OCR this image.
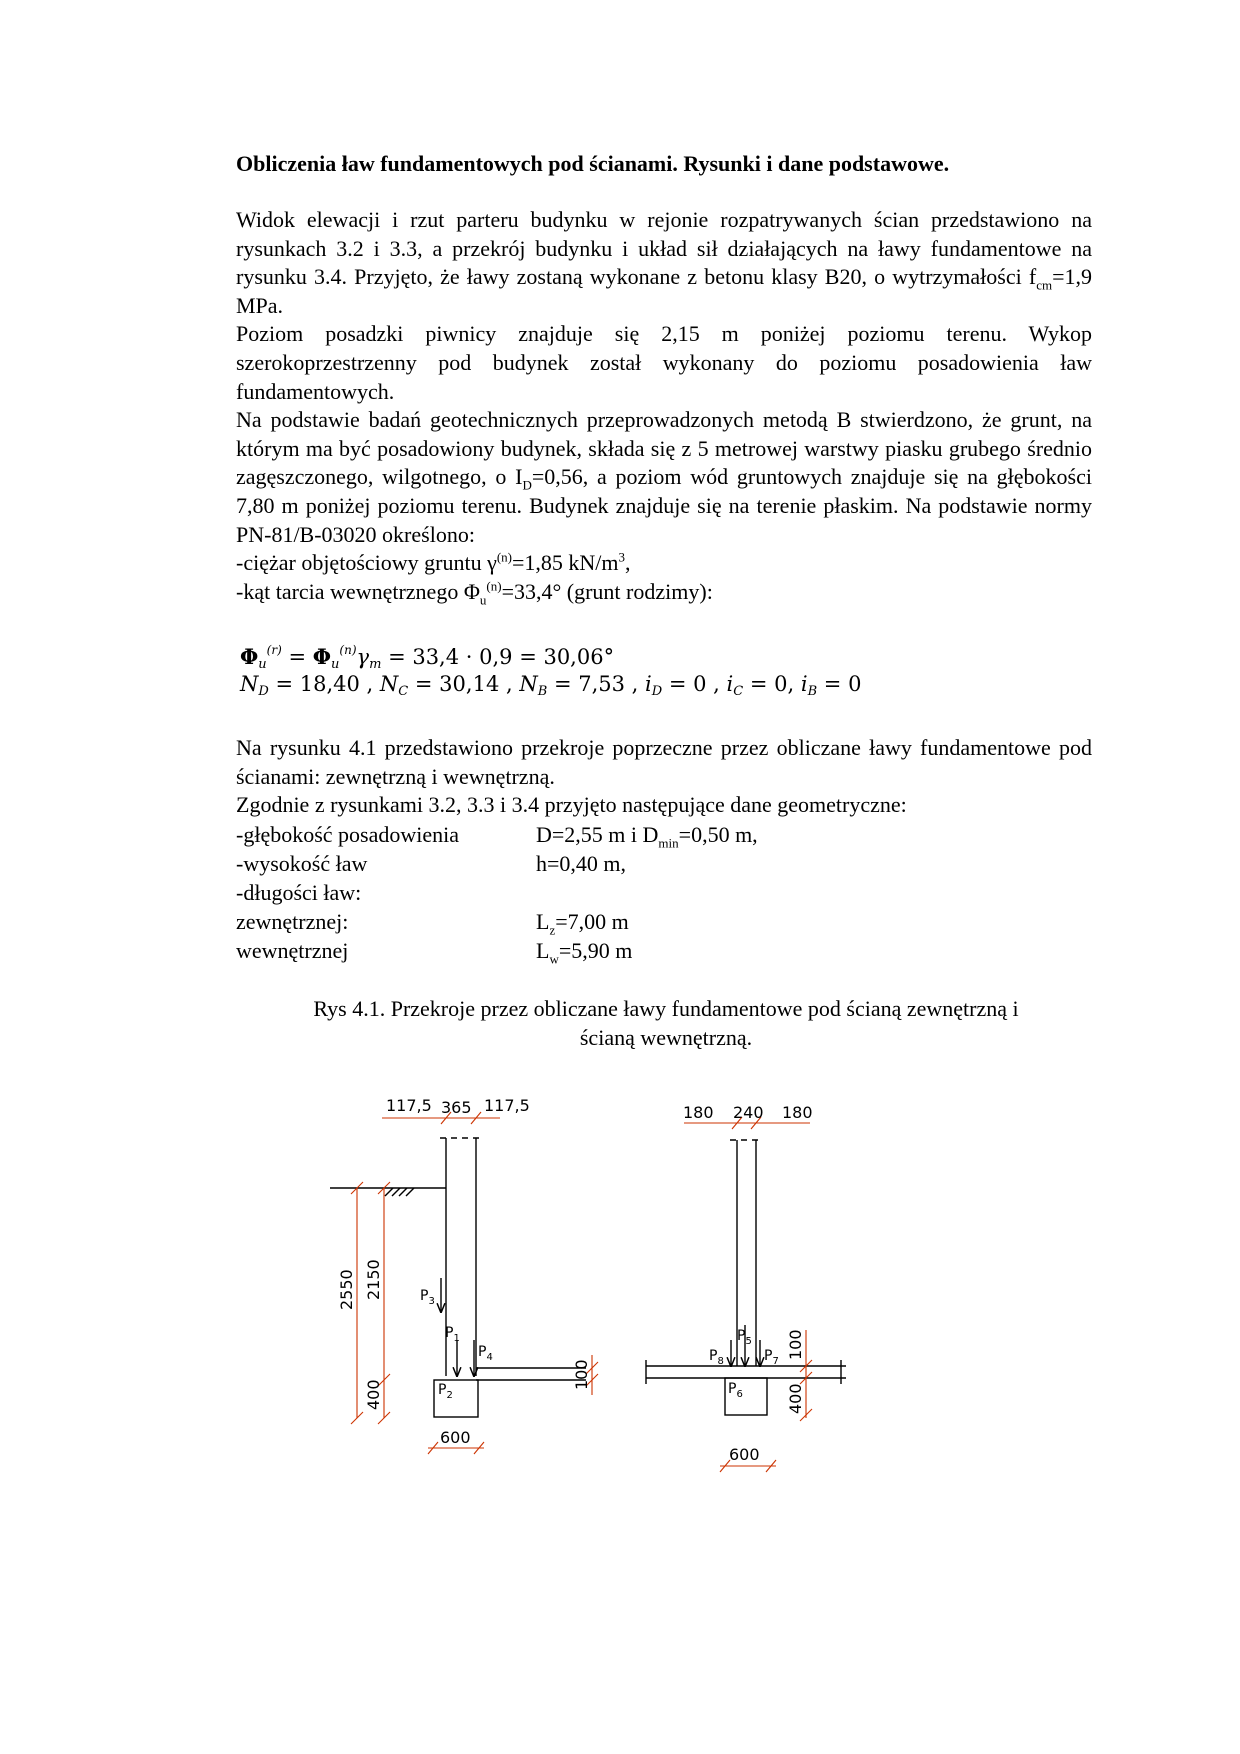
Obliczenia ław fundamentowych pod ścianami. Rysunki i dane podstawowe.

Widok elewacji i rzut parteru budynku w rejonie rozpatrywanych ścian przedstawiono na rysunkach 3.2 i 3.3, a przekrój budynku i układ sił działających na ławy fundamentowe na rysunku 3.4. Przyjęto, że ławy zostaną wykonane z betonu klasy B20, o wytrzymałości $f_{cm}=1,9$ MPa.

Poziom posadzki piwnicy znajduje się 2,15 m poniżej poziomu terenu. Wykop szerokoprzestrzenny pod budynek został wykonany do poziomu posadowienia ław fundamentowych.

Na podstawie badań geotechnicznych przeprowadzonych metodą B stwierdzono, że grunt, na którym ma być posadowiony budynek, składa się z 5 metrowej warstwy piasku grubego średnio zagęszczonego, wilgotnego, o $I_D=0,56$, a poziom wód gruntowych znajduje się na głębokości 7,80 m poniżej poziomu terenu. Budynek znajduje się na terenie płaskim. Na podstawie normy PN-81/B-03020 określono:

-ciężar objętościowy gruntu $\gamma^{(n)}=1,85$ $kN/m^3$,

-kąt tarcia wewnętrznego $\Phi_u^{(n)}=33,4^\circ$ (grunt rodzimy):

$\Phi u^{(r)} = \Phi u^{(n)}\gamma m = 33,4 \cdot 0,9 = 30,06^\circ$
ND = 18,40 , NC = 30,14 , NB = 7,53 , iD = 0 , iC = 0, iB = 0

Na rysunku 4.1 przedstawiono przekroje poprzeczne przez obliczane ławy fundamentowe pod ścianami: zewnętrzną i wewnętrzną.

Zgodnie z rysunkami 3.2, 3.3 i 3.4 przyjęto następujące dane geometryczne:

-głębokość posadowienia	D=2,55 m i $D_{min}=0,50$ m,
-wysokość ław	h=0,40 m,
-długości ław:	
zewnętrznej:	$L_z=7,00$ m
wewnętrznej	$L_w=5,90$ m
Rys 4.1. Przekroje przez obliczane ławy fundamentowe pod ścianą zewnętrzną i
ścianą wewnętrzną.
117,5 365 117,5
2550 2150
400
100
600
$P_3$
$P_1$
$P_4$
$P_2$
180 240 180
100
400
600
$P_8$
$P_5$
$P_7$
$P_6$
